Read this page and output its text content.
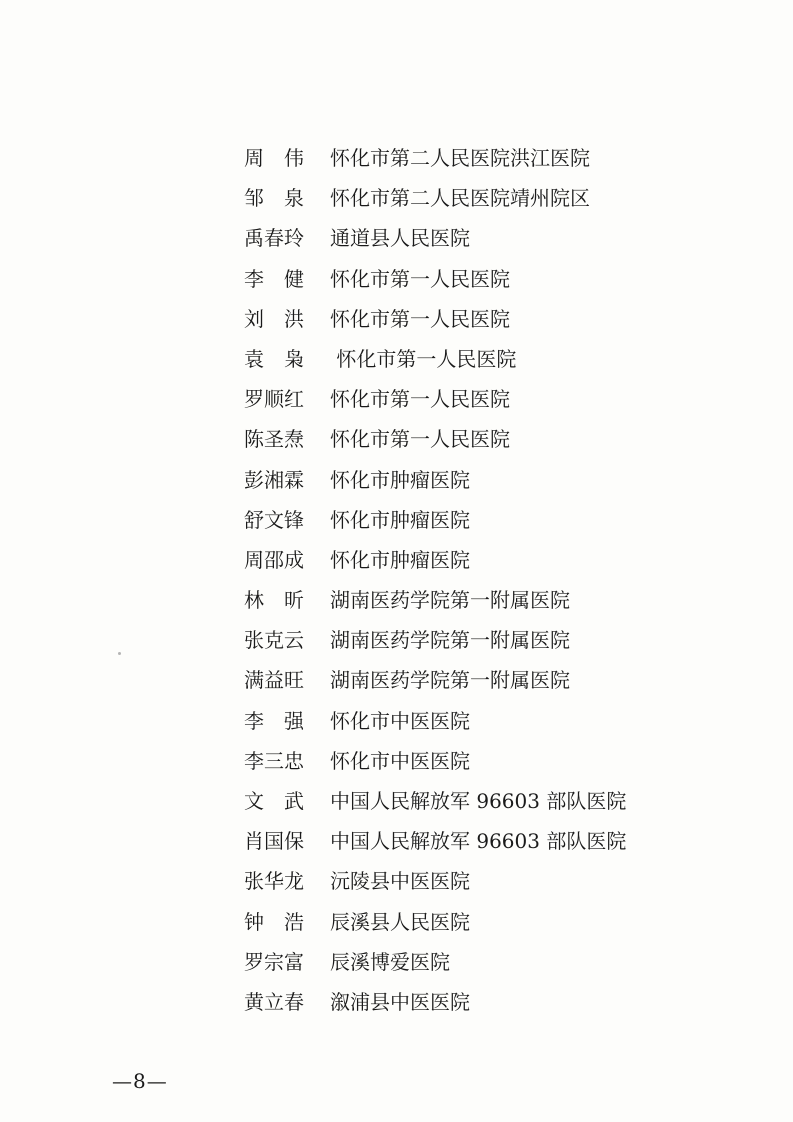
周　伟	怀化市第二人民医院洪江医院
邹　泉	怀化市第二人民医院靖州院区
禹春玲	通道县人民医院
李　健	怀化市第一人民医院
刘　洪	怀化市第一人民医院
袁　枭	怀化市第一人民医院
罗顺红	怀化市第一人民医院
陈圣焘	怀化市第一人民医院
彭湘霖	怀化市肿瘤医院
舒文锋	怀化市肿瘤医院
周邵成	怀化市肿瘤医院
林　昕	湖南医药学院第一附属医院
张克云	湖南医药学院第一附属医院
满益旺	湖南医药学院第一附属医院
李　强	怀化市中医医院
李三忠	怀化市中医医院
文　武	中国人民解放军 96603 部队医院
肖国保	中国人民解放军 96603 部队医院
张华龙	沅陵县中医医院
钟　浩	辰溪县人民医院
罗宗富	辰溪博爱医院
黄立春	溆浦县中医医院
—8—
